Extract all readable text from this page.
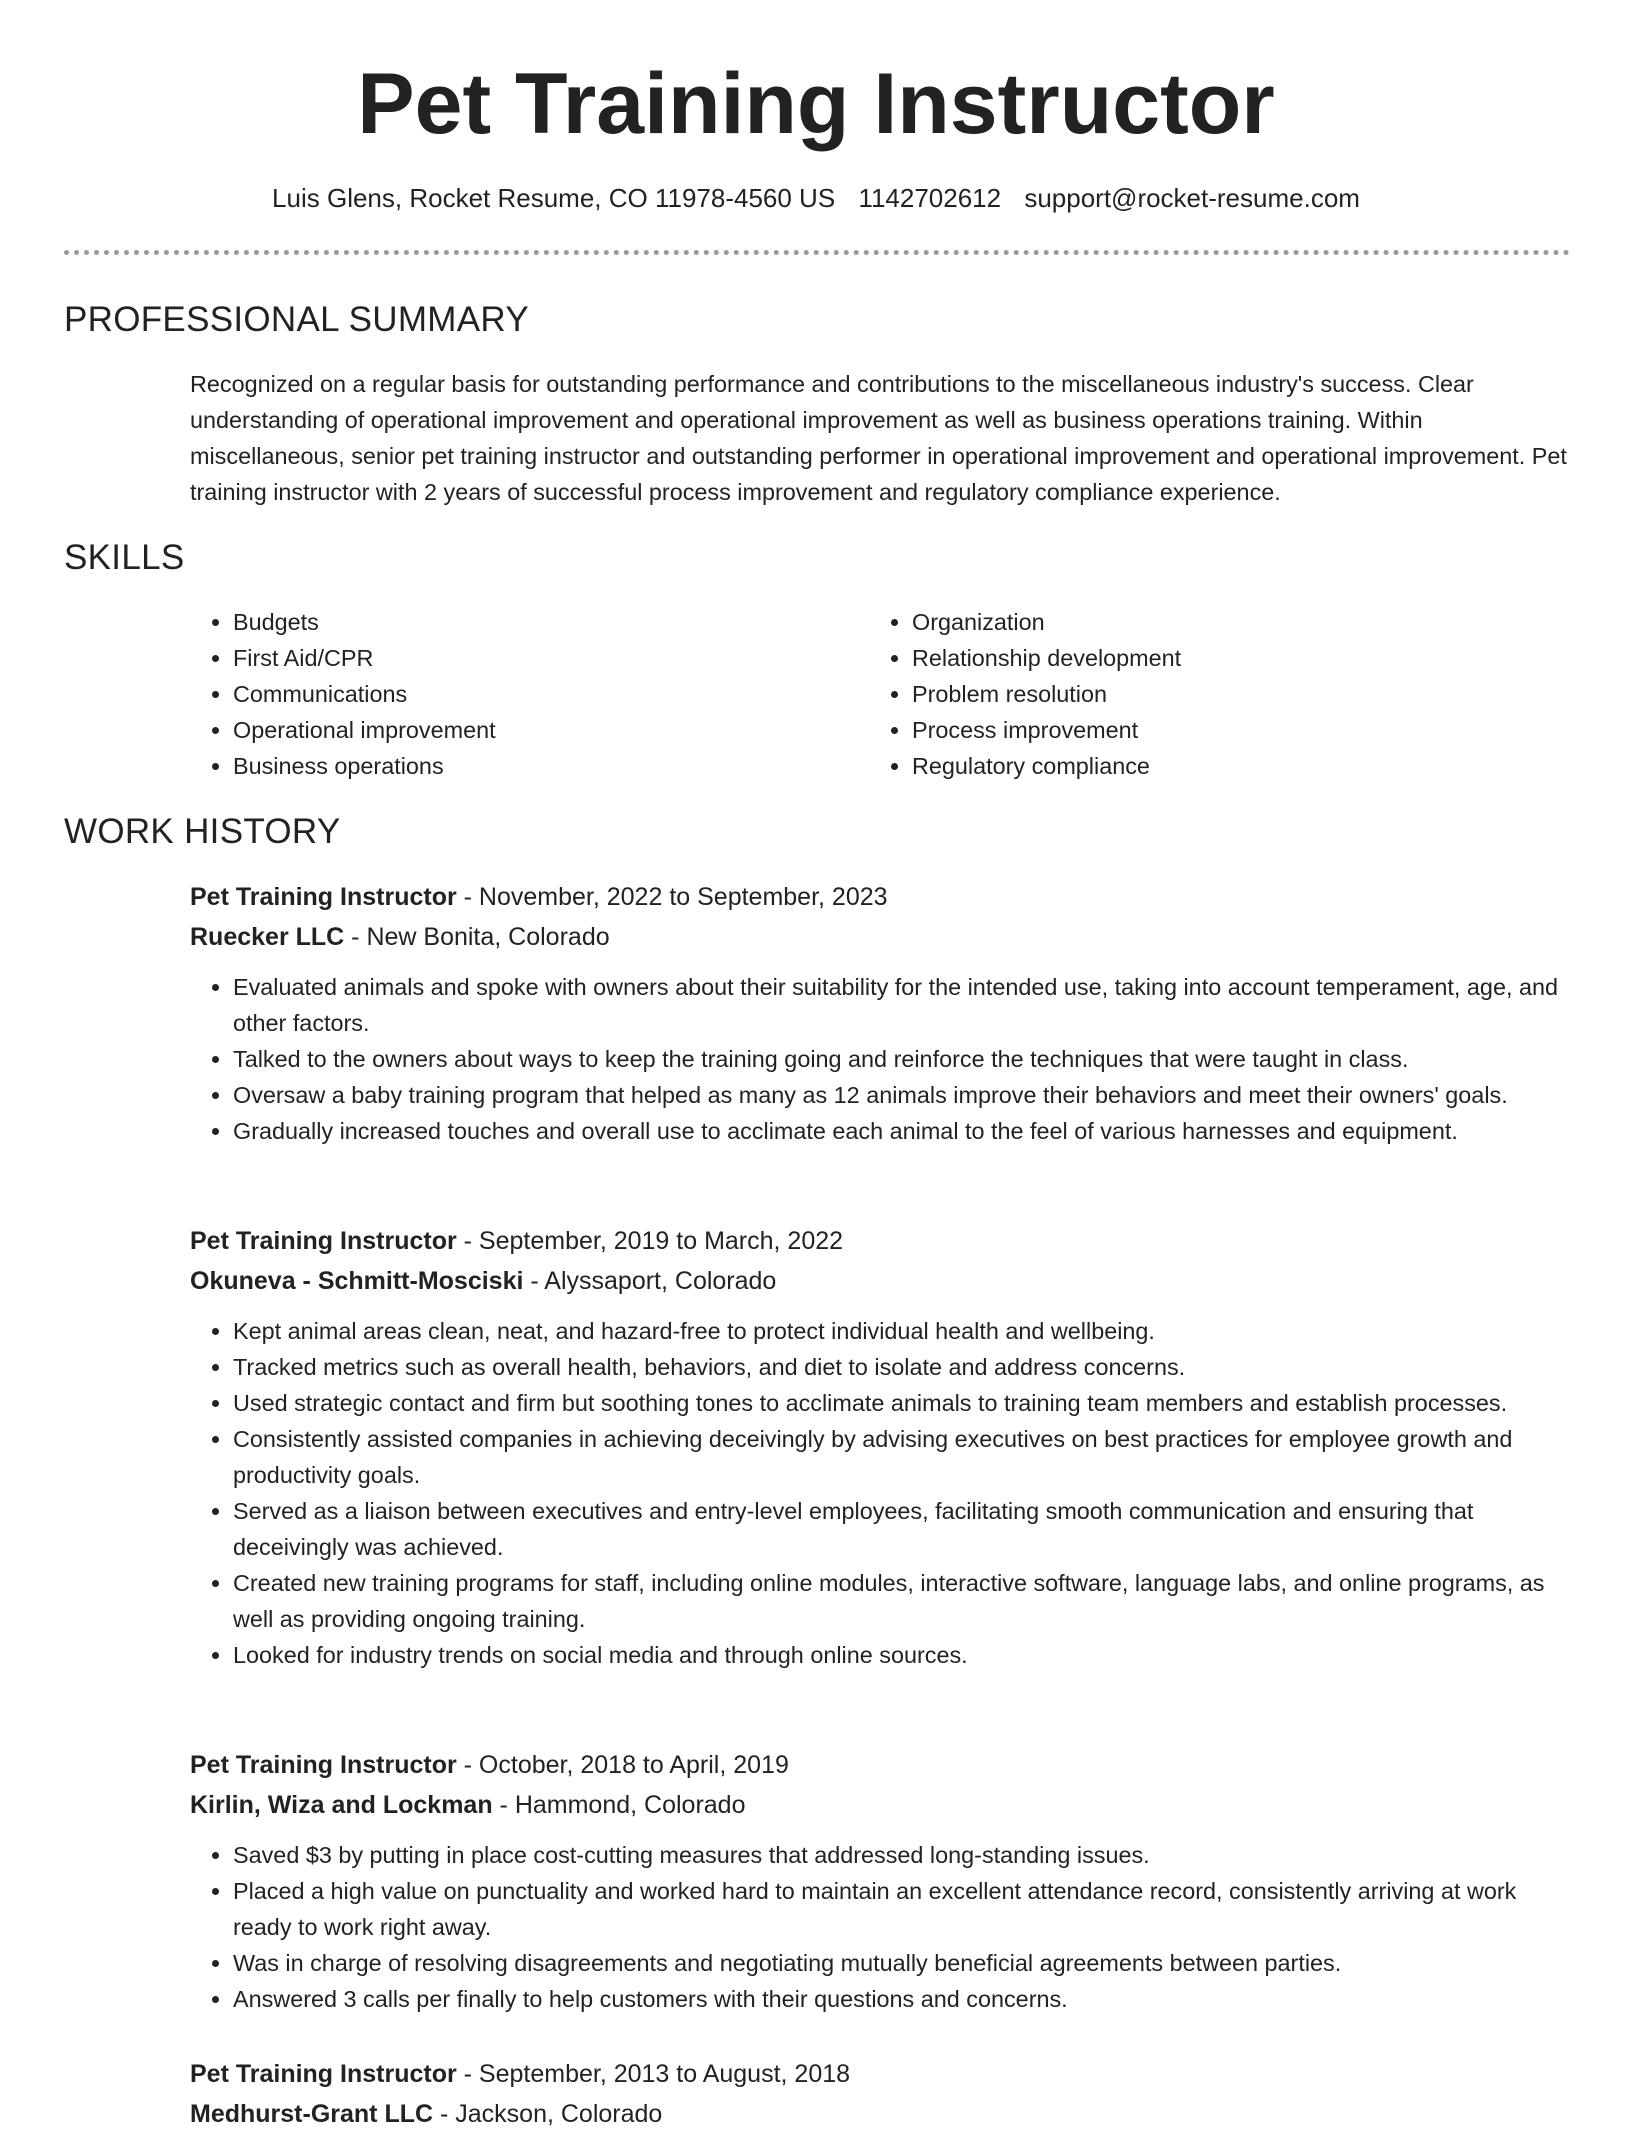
Pet Training Instructor
Luis Glens, Rocket Resume, CO 11978-4560 US 1142702612 support@rocket-resume.com
PROFESSIONAL SUMMARY

Recognized on a regular basis for outstanding performance and contributions to the miscellaneous industry's success. Clear understanding of operational improvement and operational improvement as well as business operations training. Within miscellaneous, senior pet training instructor and outstanding performer in operational improvement and operational improvement. Pet training instructor with 2 years of successful process improvement and regulatory compliance experience.

SKILLS
• Budgets
• First Aid/CPR
• Communications
• Operational improvement
• Business operations
• Organization
• Relationship development
• Problem resolution
• Process improvement
• Regulatory compliance
WORK HISTORY
Pet Training Instructor - November, 2022 to September, 2023
Ruecker LLC - New Bonita, Colorado
• Evaluated animals and spoke with owners about their suitability for the intended use, taking into account temperament, age, and other factors.
• Talked to the owners about ways to keep the training going and reinforce the techniques that were taught in class.
• Oversaw a baby training program that helped as many as 12 animals improve their behaviors and meet their owners' goals.
• Gradually increased touches and overall use to acclimate each animal to the feel of various harnesses and equipment.
Pet Training Instructor - September, 2019 to March, 2022
Okuneva - Schmitt-Mosciski - Alyssaport, Colorado
• Kept animal areas clean, neat, and hazard-free to protect individual health and wellbeing.
• Tracked metrics such as overall health, behaviors, and diet to isolate and address concerns.
• Used strategic contact and firm but soothing tones to acclimate animals to training team members and establish processes.
• Consistently assisted companies in achieving deceivingly by advising executives on best practices for employee growth and productivity goals.
• Served as a liaison between executives and entry-level employees, facilitating smooth communication and ensuring that deceivingly was achieved.
• Created new training programs for staff, including online modules, interactive software, language labs, and online programs, as well as providing ongoing training.
• Looked for industry trends on social media and through online sources.
Pet Training Instructor - October, 2018 to April, 2019
Kirlin, Wiza and Lockman - Hammond, Colorado
• Saved $3 by putting in place cost-cutting measures that addressed long-standing issues.
• Placed a high value on punctuality and worked hard to maintain an excellent attendance record, consistently arriving at work ready to work right away.
• Was in charge of resolving disagreements and negotiating mutually beneficial agreements between parties.
• Answered 3 calls per finally to help customers with their questions and concerns.
Pet Training Instructor - September, 2013 to August, 2018
Medhurst-Grant LLC - Jackson, Colorado
